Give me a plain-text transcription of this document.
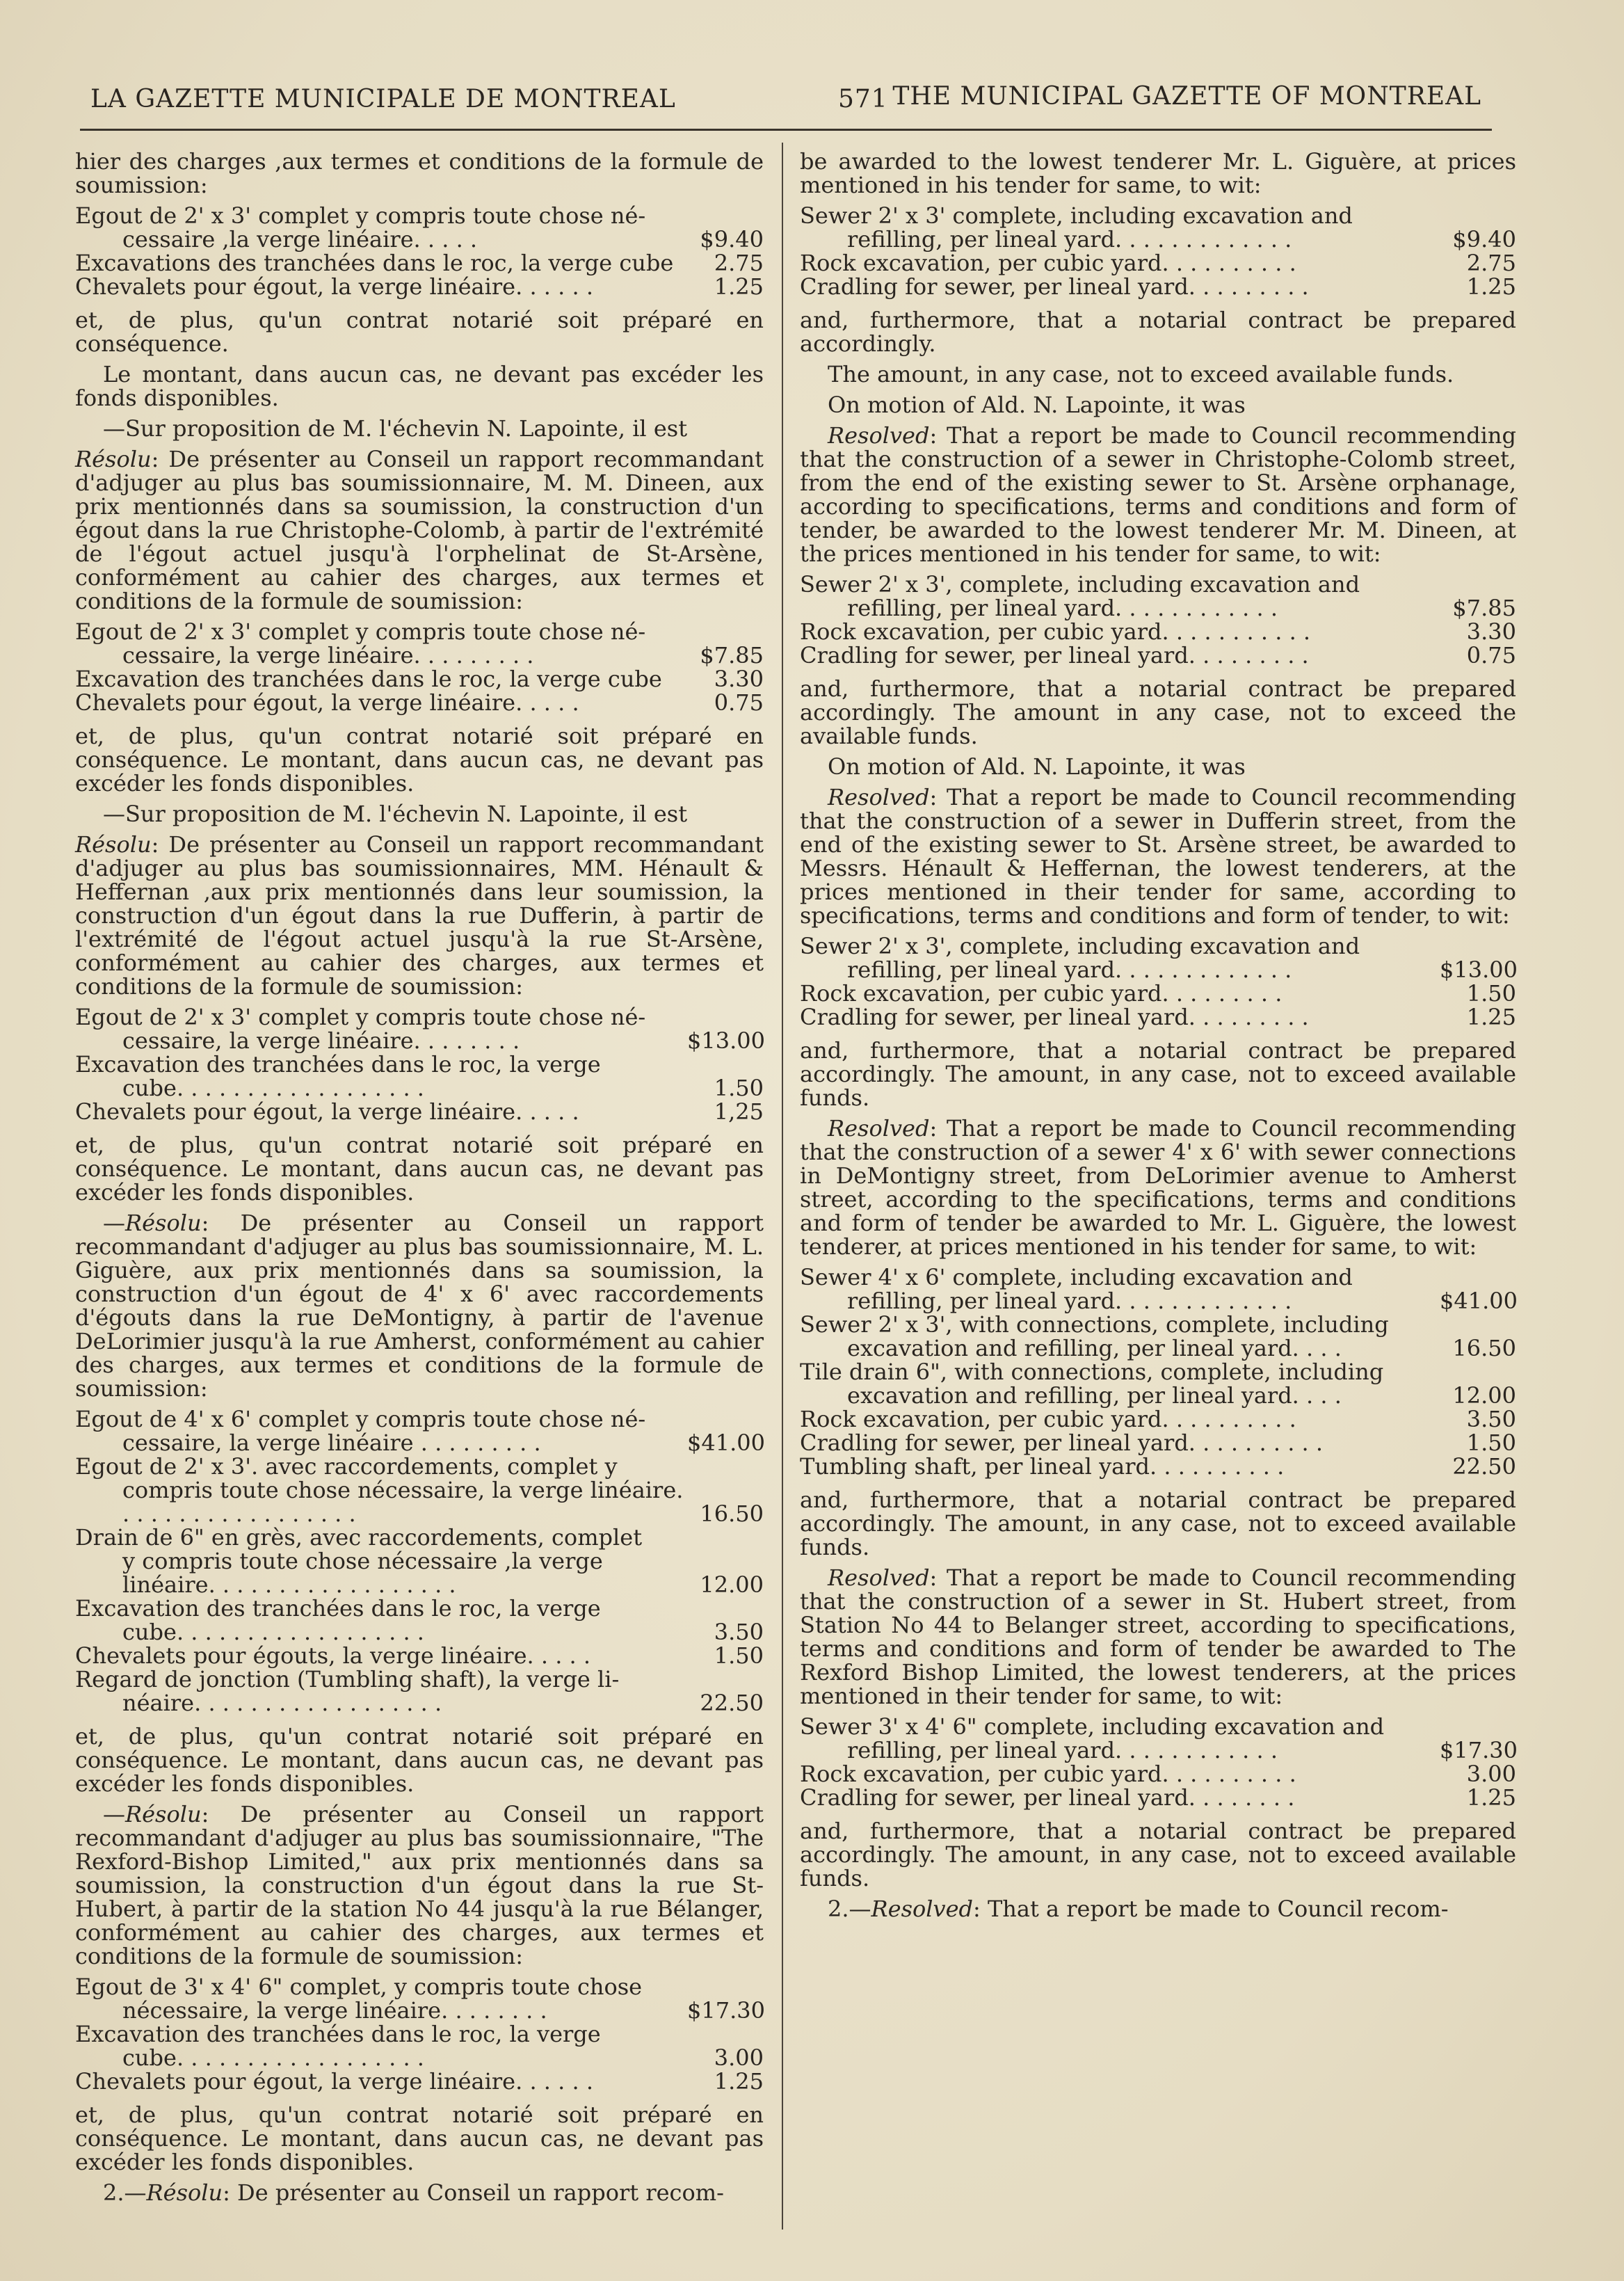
LA GAZETTE MUNICIPALE DE MONTREAL	571 THE MUNICIPAL GAZETTE OF MONTREAL

hier des charges ,aux termes et conditions de la formule de soumission:

Egout de 2' x 3' complet y compris toute chose né-
cessaire ,la verge linéaire. . . . .	$9.40
Excavations des tranchées dans le roc, la verge cube	2.75
Chevalets pour égout, la verge linéaire. . . . . .	1.25

et, de plus, qu'un contrat notarié soit préparé en conséquence.

Le montant, dans aucun cas, ne devant pas excéder les fonds disponibles.

—Sur proposition de M. l'échevin N. Lapointe, il est

Résolu: De présenter au Conseil un rapport recommandant d'adjuger au plus bas soumissionnaire, M. M. Dineen, aux prix mentionnés dans sa soumission, la construction d'un égout dans la rue Christophe-Colomb, à partir de l'extrémité de l'égout actuel jusqu'à l'orphelinat de St-Arsène, conformément au cahier des charges, aux termes et conditions de la formule de soumission:

Egout de 2' x 3' complet y compris toute chose né-
cessaire, la verge linéaire. . . . . . . . .	$7.85
Excavation des tranchées dans le roc, la verge cube	3.30
Chevalets pour égout, la verge linéaire. . . . .	0.75

et, de plus, qu'un contrat notarié soit préparé en conséquence. Le montant, dans aucun cas, ne devant pas excéder les fonds disponibles.

—Sur proposition de M. l'échevin N. Lapointe, il est

Résolu: De présenter au Conseil un rapport recommandant d'adjuger au plus bas soumissionnaires, MM. Hénault & Heffernan ,aux prix mentionnés dans leur soumission, la construction d'un égout dans la rue Dufferin, à partir de l'extrémité de l'égout actuel jusqu'à la rue St-Arsène, conformément au cahier des charges, aux termes et conditions de la formule de soumission:

Egout de 2' x 3' complet y compris toute chose né-
cessaire, la verge linéaire. . . . . . . .	$13.00
Excavation des tranchées dans le roc, la verge
cube. . . . . . . . . . . . . . . . . .	1.50
Chevalets pour égout, la verge linéaire. . . . .	1,25

et, de plus, qu'un contrat notarié soit préparé en conséquence. Le montant, dans aucun cas, ne devant pas excéder les fonds disponibles.

—Résolu: De présenter au Conseil un rapport recommandant d'adjuger au plus bas soumissionnaire, M. L. Giguère, aux prix mentionnés dans sa soumission, la construction d'un égout de 4' x 6' avec raccordements d'égouts dans la rue DeMontigny, à partir de l'avenue DeLorimier jusqu'à la rue Amherst, conformément au cahier des charges, aux termes et conditions de la formule de soumission:

Egout de 4' x 6' complet y compris toute chose né-
cessaire, la verge linéaire . . . . . . . . .	$41.00
Egout de 2' x 3'. avec raccordements, complet y
compris toute chose nécessaire, la verge linéaire. . . . . . . . . . . . . . . . . .	16.50
Drain de 6" en grès, avec raccordements, complet
y compris toute chose nécessaire ,la verge linéaire. . . . . . . . . . . . . . . . . .	12.00
Excavation des tranchées dans le roc, la verge
cube. . . . . . . . . . . . . . . . . .	3.50
Chevalets pour égouts, la verge linéaire. . . . .	1.50
Regard de jonction (Tumbling shaft), la verge li-
néaire. . . . . . . . . . . . . . . . . .	22.50

et, de plus, qu'un contrat notarié soit préparé en conséquence. Le montant, dans aucun cas, ne devant pas excéder les fonds disponibles.

—Résolu: De présenter au Conseil un rapport recommandant d'adjuger au plus bas soumissionnaire, "The Rexford-Bishop Limited," aux prix mentionnés dans sa soumission, la construction d'un égout dans la rue St-Hubert, à partir de la station No 44 jusqu'à la rue Bélanger, conformément au cahier des charges, aux termes et conditions de la formule de soumission:

Egout de 3' x 4' 6" complet, y compris toute chose
nécessaire, la verge linéaire. . . . . . . .	$17.30
Excavation des tranchées dans le roc, la verge
cube. . . . . . . . . . . . . . . . . .	3.00
Chevalets pour égout, la verge linéaire. . . . . .	1.25

et, de plus, qu'un contrat notarié soit préparé en conséquence. Le montant, dans aucun cas, ne devant pas excéder les fonds disponibles.

2.—Résolu: De présenter au Conseil un rapport recom-

be awarded to the lowest tenderer Mr. L. Giguère, at prices mentioned in his tender for same, to wit:

Sewer 2' x 3' complete, including excavation and
refilling, per lineal yard. . . . . . . . . . . . .	$9.40
Rock excavation, per cubic yard. . . . . . . . . .	2.75
Cradling for sewer, per lineal yard. . . . . . . . .	1.25

and, furthermore, that a notarial contract be prepared accordingly.

The amount, in any case, not to exceed available funds.

On motion of Ald. N. Lapointe, it was

Resolved: That a report be made to Council recommending that the construction of a sewer in Christophe-Colomb street, from the end of the existing sewer to St. Arsène orphanage, according to specifications, terms and conditions and form of tender, be awarded to the lowest tenderer Mr. M. Dineen, at the prices mentioned in his tender for same, to wit:

Sewer 2' x 3', complete, including excavation and
refilling, per lineal yard. . . . . . . . . . . .	$7.85
Rock excavation, per cubic yard. . . . . . . . . . .	3.30
Cradling for sewer, per lineal yard. . . . . . . . .	0.75

and, furthermore, that a notarial contract be prepared accordingly. The amount in any case, not to exceed the available funds.

On motion of Ald. N. Lapointe, it was

Resolved: That a report be made to Council recommending that the construction of a sewer in Dufferin street, from the end of the existing sewer to St. Arsène street, be awarded to Messrs. Hénault & Heffernan, the lowest tenderers, at the prices mentioned in their tender for same, according to specifications, terms and conditions and form of tender, to wit:

Sewer 2' x 3', complete, including excavation and
refilling, per lineal yard. . . . . . . . . . . . .	$13.00
Rock excavation, per cubic yard. . . . . . . . .	1.50
Cradling for sewer, per lineal yard. . . . . . . . .	1.25

and, furthermore, that a notarial contract be prepared accordingly. The amount, in any case, not to exceed available funds.

Resolved: That a report be made to Council recommending that the construction of a sewer 4' x 6' with sewer connections in DeMontigny street, from DeLorimier avenue to Amherst street, according to the specifications, terms and conditions and form of tender be awarded to Mr. L. Giguère, the lowest tenderer, at prices mentioned in his tender for same, to wit:

Sewer 4' x 6' complete, including excavation and
refilling, per lineal yard. . . . . . . . . . . . .	$41.00
Sewer 2' x 3', with connections, complete, including
excavation and refilling, per lineal yard. . . .	16.50
Tile drain 6", with connections, complete, including
excavation and refilling, per lineal yard. . . .	12.00
Rock excavation, per cubic yard. . . . . . . . . .	3.50
Cradling for sewer, per lineal yard. . . . . . . . . .	1.50
Tumbling shaft, per lineal yard. . . . . . . . . .	22.50

and, furthermore, that a notarial contract be prepared accordingly. The amount, in any case, not to exceed available funds.

Resolved: That a report be made to Council recommending that the construction of a sewer in St. Hubert street, from Station No 44 to Belanger street, according to specifications, terms and conditions and form of tender be awarded to The Rexford Bishop Limited, the lowest tenderers, at the prices mentioned in their tender for same, to wit:

Sewer 3' x 4' 6" complete, including excavation and
refilling, per lineal yard. . . . . . . . . . . .	$17.30
Rock excavation, per cubic yard. . . . . . . . . .	3.00
Cradling for sewer, per lineal yard. . . . . . . .	1.25

and, furthermore, that a notarial contract be prepared accordingly. The amount, in any case, not to exceed available funds.

2.—Resolved: That a report be made to Council recom-
